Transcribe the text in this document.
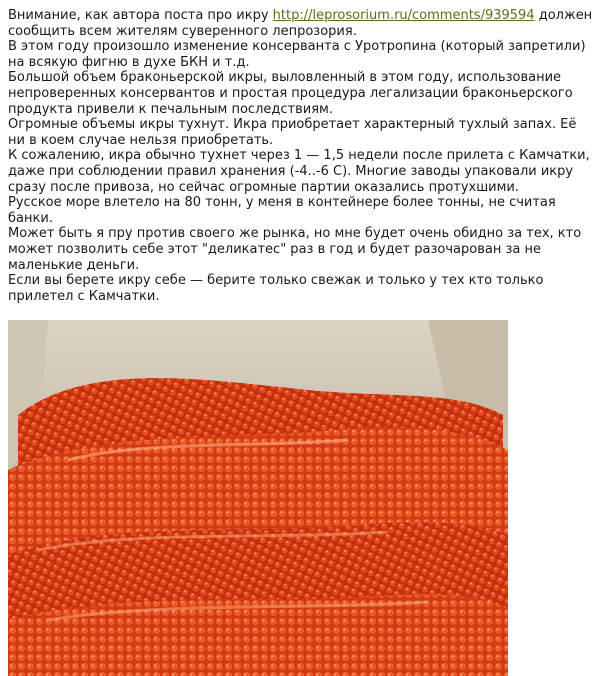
Внимание, как автора поста про икру http://leprosorium.ru/comments/939594 должен сообщить всем жителям суверенного лепрозория.

В этом году произошло изменение консерванта с Уротропина (который запретили) на всякую фигню в духе БКН и т.д.

Большой объем браконьерской икры, выловленный в этом году, использование непроверенных консервантов и простая процедура легализации браконьерского продукта привели к печальным последствиям.

Огромные объемы икры тухнут. Икра приобретает характерный тухлый запах. Её ни в коем случае нельзя приобретать.

К сожалению, икра обычно тухнет через 1 — 1,5 недели после прилета с Камчатки, даже при соблюдении правил хранения (-4..-6 С). Многие заводы упаковали икру сразу после привоза, но сейчас огромные партии оказались протухшими.

Русское море влетело на 80 тонн, у меня в контейнере более тонны, не считая банки.

Может быть я пру против своего же рынка, но мне будет очень обидно за тех, кто может позволить себе этот "деликатес" раз в год и будет разочарован за не маленькие деньги.

Если вы берете икру себе — берите только свежак и только у тех кто только прилетел с Камчатки.
